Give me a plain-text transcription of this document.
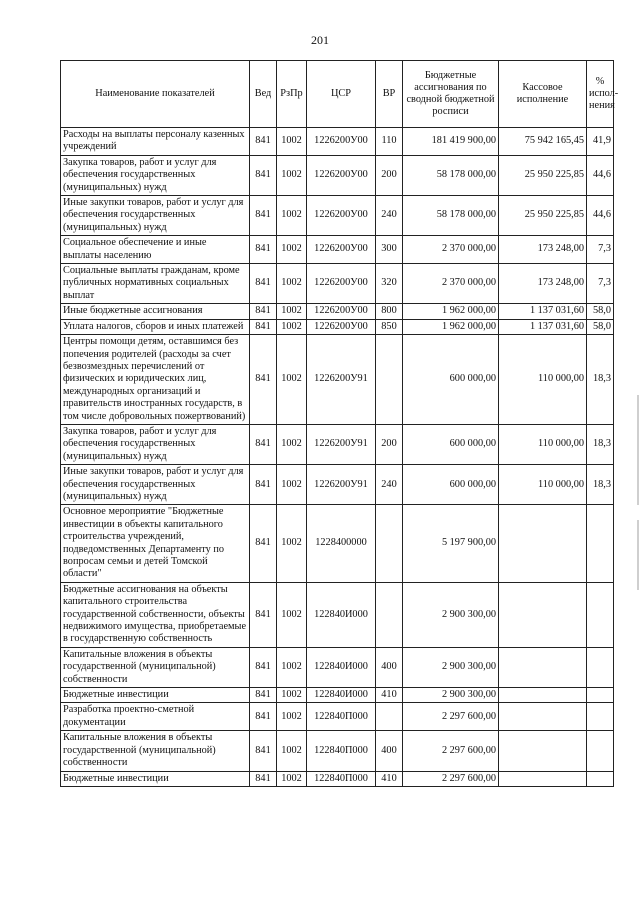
201
Наименование показателей	Вед	РзПр	ЦСР	ВР	Бюджетные ассигнования по сводной бюджетной росписи	Кассовое исполнение	% испол-нения
Расходы на выплаты персоналу казенных учреждений	841	1002	1226200У00	110	181 419 900,00	75 942 165,45	41,9
Закупка товаров, работ и услуг для обеспечения государственных (муниципальных) нужд	841	1002	1226200У00	200	58 178 000,00	25 950 225,85	44,6
Иные закупки товаров, работ и услуг для обеспечения государственных (муниципальных) нужд	841	1002	1226200У00	240	58 178 000,00	25 950 225,85	44,6
Социальное обеспечение и иные выплаты населению	841	1002	1226200У00	300	2 370 000,00	173 248,00	7,3
Социальные выплаты гражданам, кроме публичных нормативных социальных выплат	841	1002	1226200У00	320	2 370 000,00	173 248,00	7,3
Иные бюджетные ассигнования	841	1002	1226200У00	800	1 962 000,00	1 137 031,60	58,0
Уплата налогов, сборов и иных платежей	841	1002	1226200У00	850	1 962 000,00	1 137 031,60	58,0
Центры помощи детям, оставшимся без попечения родителей (расходы за счет безвозмездных перечислений от физических и юридических лиц, международных организаций и правительств иностранных государств, в том числе добровольных пожертвований)	841	1002	1226200У91		600 000,00	110 000,00	18,3
Закупка товаров, работ и услуг для обеспечения государственных (муниципальных) нужд	841	1002	1226200У91	200	600 000,00	110 000,00	18,3
Иные закупки товаров, работ и услуг для обеспечения государственных (муниципальных) нужд	841	1002	1226200У91	240	600 000,00	110 000,00	18,3
Основное мероприятие "Бюджетные инвестиции в объекты капитального строительства учреждений, подведомственных Департаменту по вопросам семьи и детей Томской области"	841	1002	1228400000		5 197 900,00		
Бюджетные ассигнования на объекты капитального строительства государственной собственности, объекты недвижимого имущества, приобретаемые в государственную собственность	841	1002	122840И000		2 900 300,00		
Капитальные вложения в объекты государственной (муниципальной) собственности	841	1002	122840И000	400	2 900 300,00		
Бюджетные инвестиции	841	1002	122840И000	410	2 900 300,00		
Разработка проектно-сметной документации	841	1002	122840П000		2 297 600,00		
Капитальные вложения в объекты государственной (муниципальной) собственности	841	1002	122840П000	400	2 297 600,00		
Бюджетные инвестиции	841	1002	122840П000	410	2 297 600,00		
